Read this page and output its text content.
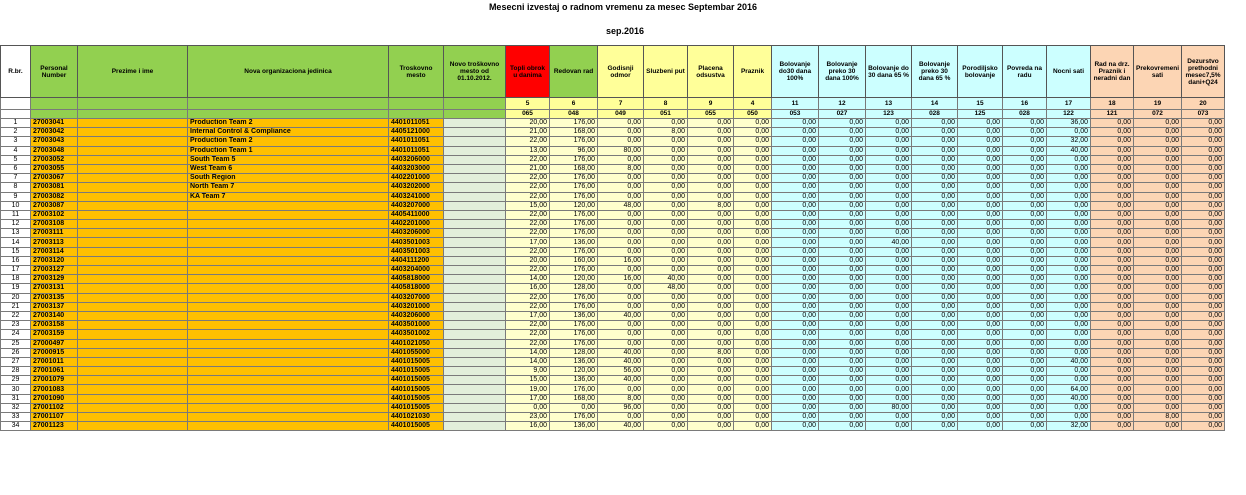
Mesecni izvestaj o radnom vremenu za mesec Septembar 2016
sep.2016
R.br.	Personal Number	Prezime i ime	Nova organizaciona jedinica	Troskovno mesto	Novo troškovno mesto od 01.10.2012.	Topli obrok u danima	Redovan rad	Godisnji odmor	Sluzbeni put	Placena odsustva	Praznik	Bolovanje do30 dana 100%	Bolovanje preko 30 dana 100%	Bolovanje do 30 dana 65 %	Bolovanje preko 30 dana 65 %	Porodiljsko bolovanje	Povreda na radu	Nocni sati	Rad na drz. Praznik i neradni dan	Prekovremeni sati	Dezurstvo prethodni mesec7,5% dani+Q24
						5	6	7	8	9	4	11	12	13	14	15	16	17	18	19	20
						065	048	049	051	055	050	053	027	123	028	125	028	122	121	072	073
1	27003041		Production Team 2	4401011051		20,00	176,00	0,00	0,00	0,00	0,00	0,00	0,00	0,00	0,00	0,00	0,00	36,00	0,00	0,00	0,00
2	27003042		Internal Control & Compliance	4405121000		21,00	168,00	0,00	8,00	0,00	0,00	0,00	0,00	0,00	0,00	0,00	0,00	0,00	0,00	0,00	0,00
3	27003043		Production Team 2	4401011051		22,00	176,00	0,00	0,00	0,00	0,00	0,00	0,00	0,00	0,00	0,00	0,00	32,00	0,00	0,00	0,00
4	27003048		Production Team 1	4401011051		13,00	96,00	80,00	0,00	0,00	0,00	0,00	0,00	0,00	0,00	0,00	0,00	40,00	0,00	0,00	0,00
5	27003052		South Team 5	4403206000		22,00	176,00	0,00	0,00	0,00	0,00	0,00	0,00	0,00	0,00	0,00	0,00	0,00	0,00	0,00	0,00
6	27003055		West Team 6	4403203000		21,00	168,00	8,00	0,00	0,00	0,00	0,00	0,00	0,00	0,00	0,00	0,00	0,00	0,00	0,00	0,00
7	27003067		South Region	4402201000		22,00	176,00	0,00	0,00	0,00	0,00	0,00	0,00	0,00	0,00	0,00	0,00	0,00	0,00	0,00	0,00
8	27003081		North Team 7	4403202000		22,00	176,00	0,00	0,00	0,00	0,00	0,00	0,00	0,00	0,00	0,00	0,00	0,00	0,00	0,00	0,00
9	27003082		KA Team 7	4403241000		22,00	176,00	0,00	0,00	0,00	0,00	0,00	0,00	0,00	0,00	0,00	0,00	0,00	0,00	0,00	0,00
10	27003087			4403207000		15,00	120,00	48,00	0,00	8,00	0,00	0,00	0,00	0,00	0,00	0,00	0,00	0,00	0,00	0,00	0,00
11	27003102			4405411000		22,00	176,00	0,00	0,00	0,00	0,00	0,00	0,00	0,00	0,00	0,00	0,00	0,00	0,00	0,00	0,00
12	27003108			4402201000		22,00	176,00	0,00	0,00	0,00	0,00	0,00	0,00	0,00	0,00	0,00	0,00	0,00	0,00	0,00	0,00
13	27003111			4403206000		22,00	176,00	0,00	0,00	0,00	0,00	0,00	0,00	0,00	0,00	0,00	0,00	0,00	0,00	0,00	0,00
14	27003113			4403501003		17,00	136,00	0,00	0,00	0,00	0,00	0,00	0,00	40,00	0,00	0,00	0,00	0,00	0,00	0,00	0,00
15	27003114			4403501003		22,00	176,00	0,00	0,00	0,00	0,00	0,00	0,00	0,00	0,00	0,00	0,00	0,00	0,00	0,00	0,00
16	27003120			4404111200		20,00	160,00	16,00	0,00	0,00	0,00	0,00	0,00	0,00	0,00	0,00	0,00	0,00	0,00	0,00	0,00
17	27003127			4403204000		22,00	176,00	0,00	0,00	0,00	0,00	0,00	0,00	0,00	0,00	0,00	0,00	0,00	0,00	0,00	0,00
18	27003129			4405818000		14,00	120,00	16,00	40,00	0,00	0,00	0,00	0,00	0,00	0,00	0,00	0,00	0,00	0,00	0,00	0,00
19	27003131			4405818000		16,00	128,00	0,00	48,00	0,00	0,00	0,00	0,00	0,00	0,00	0,00	0,00	0,00	0,00	0,00	0,00
20	27003135			4403207000		22,00	176,00	0,00	0,00	0,00	0,00	0,00	0,00	0,00	0,00	0,00	0,00	0,00	0,00	0,00	0,00
21	27003137			4403201000		22,00	176,00	0,00	0,00	0,00	0,00	0,00	0,00	0,00	0,00	0,00	0,00	0,00	0,00	0,00	0,00
22	27003140			4403206000		17,00	136,00	40,00	0,00	0,00	0,00	0,00	0,00	0,00	0,00	0,00	0,00	0,00	0,00	0,00	0,00
23	27003158			4403501000		22,00	176,00	0,00	0,00	0,00	0,00	0,00	0,00	0,00	0,00	0,00	0,00	0,00	0,00	0,00	0,00
24	27003159			4403501002		22,00	176,00	0,00	0,00	0,00	0,00	0,00	0,00	0,00	0,00	0,00	0,00	0,00	0,00	0,00	0,00
25	27000497			4401021050		22,00	176,00	0,00	0,00	0,00	0,00	0,00	0,00	0,00	0,00	0,00	0,00	0,00	0,00	0,00	0,00
26	27000915			4401055000		14,00	128,00	40,00	0,00	8,00	0,00	0,00	0,00	0,00	0,00	0,00	0,00	0,00	0,00	0,00	0,00
27	27001011			4401015005		14,00	136,00	40,00	0,00	0,00	0,00	0,00	0,00	0,00	0,00	0,00	0,00	40,00	0,00	0,00	0,00
28	27001061			4401015005		9,00	120,00	56,00	0,00	0,00	0,00	0,00	0,00	0,00	0,00	0,00	0,00	0,00	0,00	0,00	0,00
29	27001079			4401015005		15,00	136,00	40,00	0,00	0,00	0,00	0,00	0,00	0,00	0,00	0,00	0,00	0,00	0,00	0,00	0,00
30	27001083			4401015005		19,00	176,00	0,00	0,00	0,00	0,00	0,00	0,00	0,00	0,00	0,00	0,00	64,00	0,00	0,00	0,00
31	27001090			4401015005		17,00	168,00	8,00	0,00	0,00	0,00	0,00	0,00	0,00	0,00	0,00	0,00	40,00	0,00	0,00	0,00
32	27001102			4401015005		0,00	0,00	96,00	0,00	0,00	0,00	0,00	0,00	80,00	0,00	0,00	0,00	0,00	0,00	0,00	0,00
33	27001107			4401021030		23,00	176,00	0,00	0,00	0,00	0,00	0,00	0,00	0,00	0,00	0,00	0,00	0,00	0,00	8,00	0,00
34	27001123			4401015005		16,00	136,00	40,00	0,00	0,00	0,00	0,00	0,00	0,00	0,00	0,00	0,00	32,00	0,00	0,00	0,00
